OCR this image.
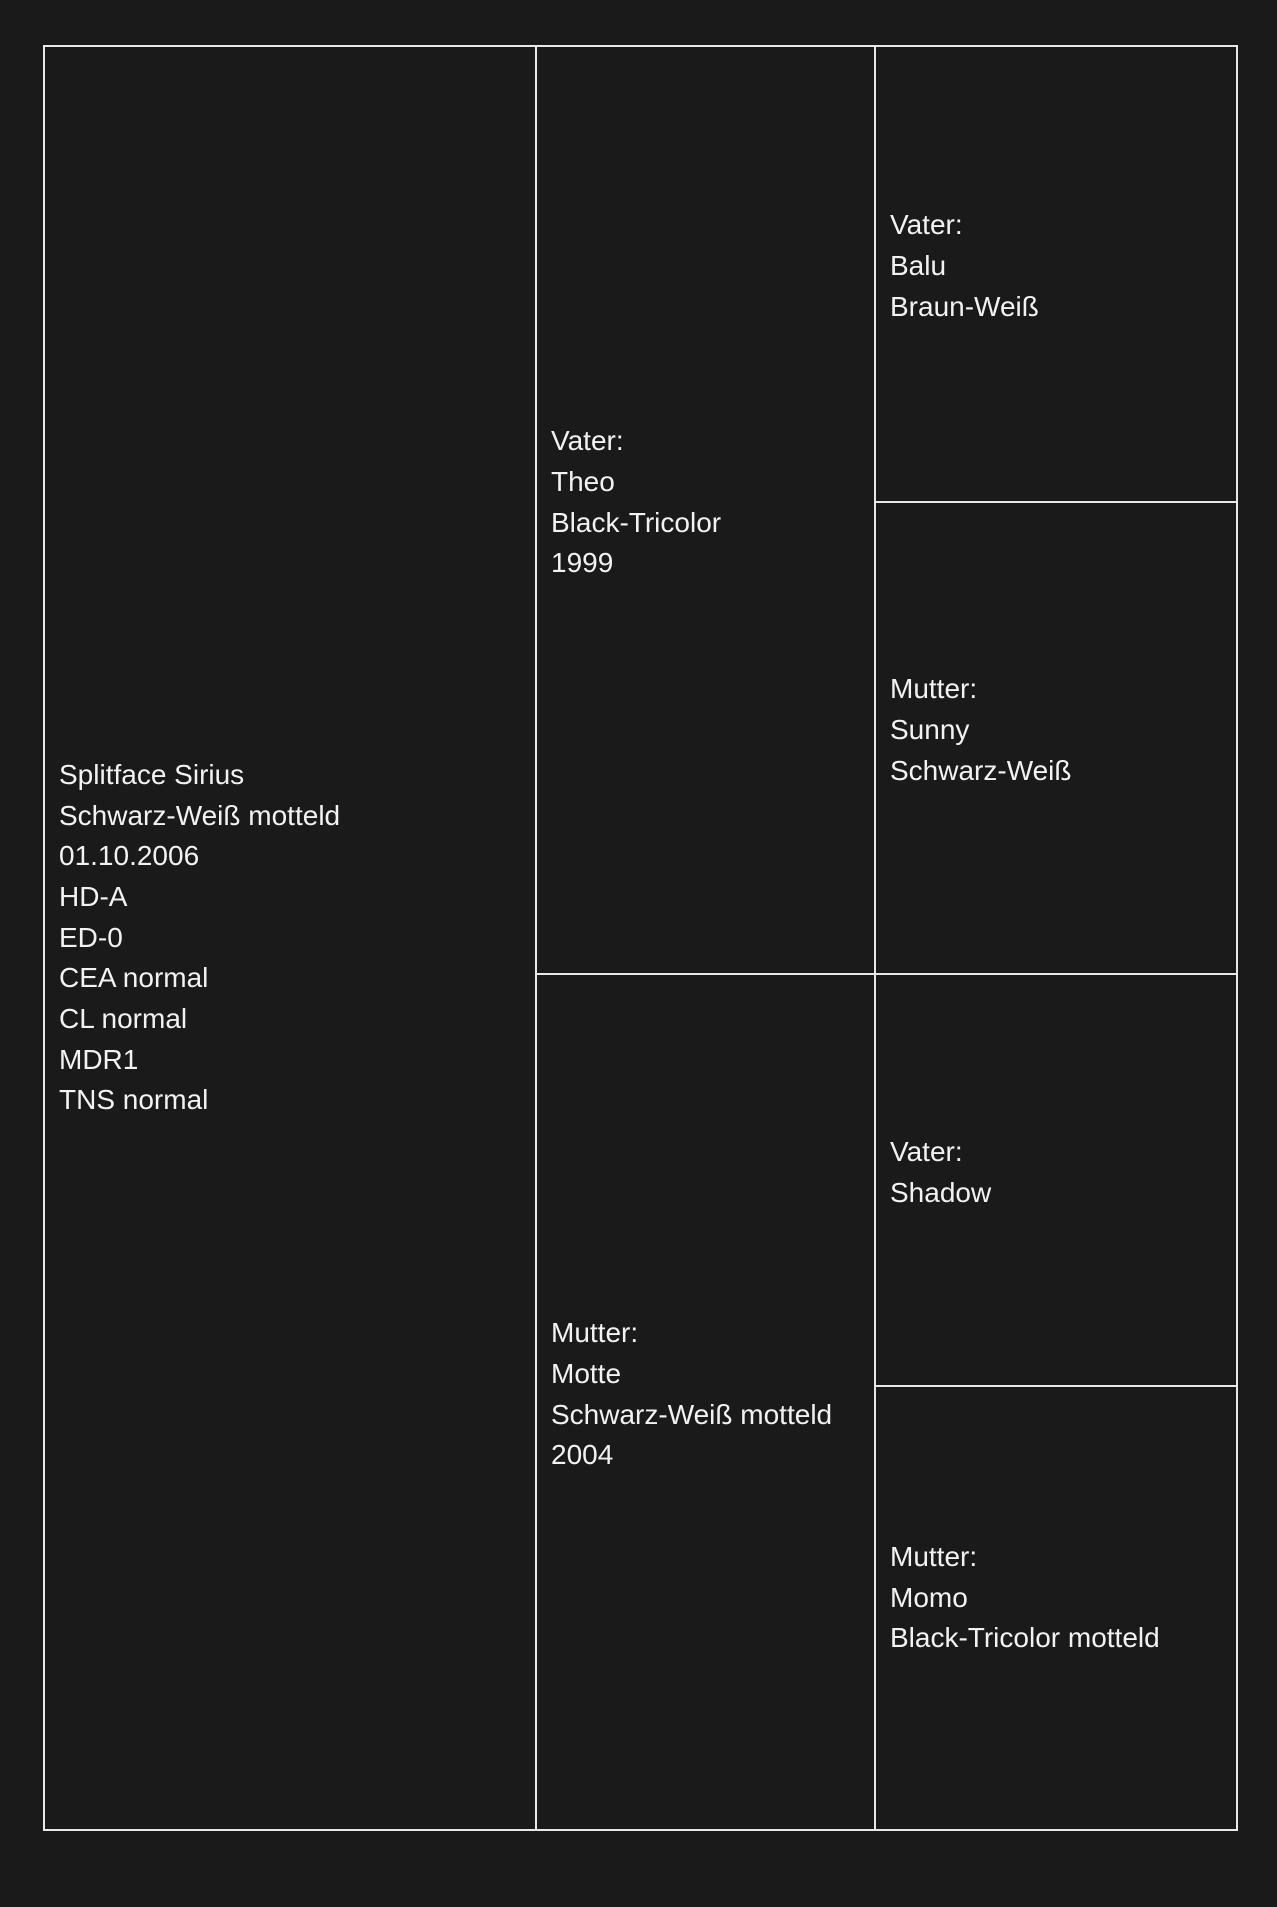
Splitface Sirius
Schwarz-Weiß motteld
01.10.2006
HD-A
ED-0
CEA normal
CL normal
MDR1
TNS normal
Vater:
Theo
Black-Tricolor
1999
Mutter:
Motte
Schwarz-Weiß motteld
2004
Vater:
Balu
Braun-Weiß
Mutter:
Sunny
Schwarz-Weiß
Vater:
Shadow
Mutter:
Momo
Black-Tricolor motteld
